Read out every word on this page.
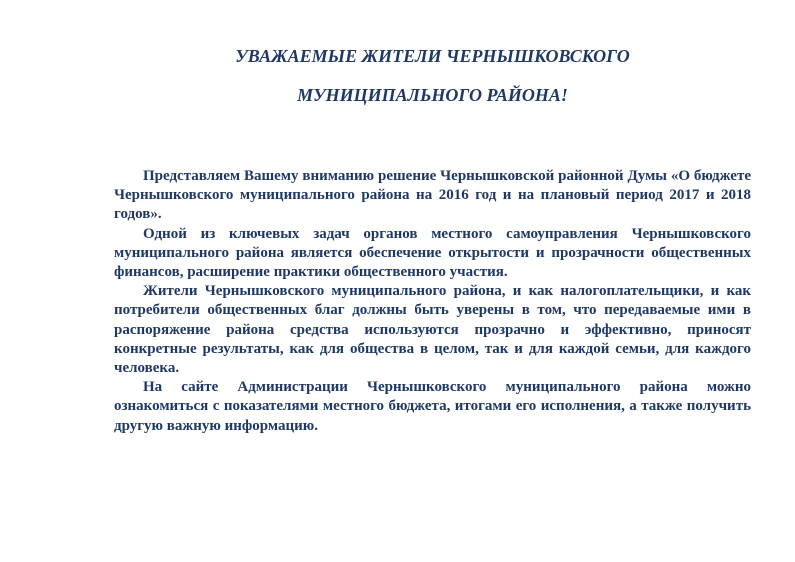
УВАЖАЕМЫЕ ЖИТЕЛИ ЧЕРНЫШКОВСКОГО
МУНИЦИПАЛЬНОГО РАЙОНА!

Представляем Вашему вниманию решение Чернышковской районной Думы «О бюджете Чернышковского муниципального района на 2016 год и на плановый период 2017 и 2018 годов».

Одной из ключевых задач органов местного самоуправления Чернышковского муниципального района является обеспечение открытости и прозрачности общественных финансов, расширение практики общественного участия.

Жители Чернышковского муниципального района, и как налогоплательщики, и как потребители общественных благ должны быть уверены в том, что передаваемые ими в распоряжение района средства используются прозрачно и эффективно, приносят конкретные результаты, как для общества в целом, так и для каждой семьи, для каждого человека.

На сайте Администрации Чернышковского муниципального района можно ознакомиться с показателями местного бюджета, итогами его исполнения, а также получить другую важную информацию.
